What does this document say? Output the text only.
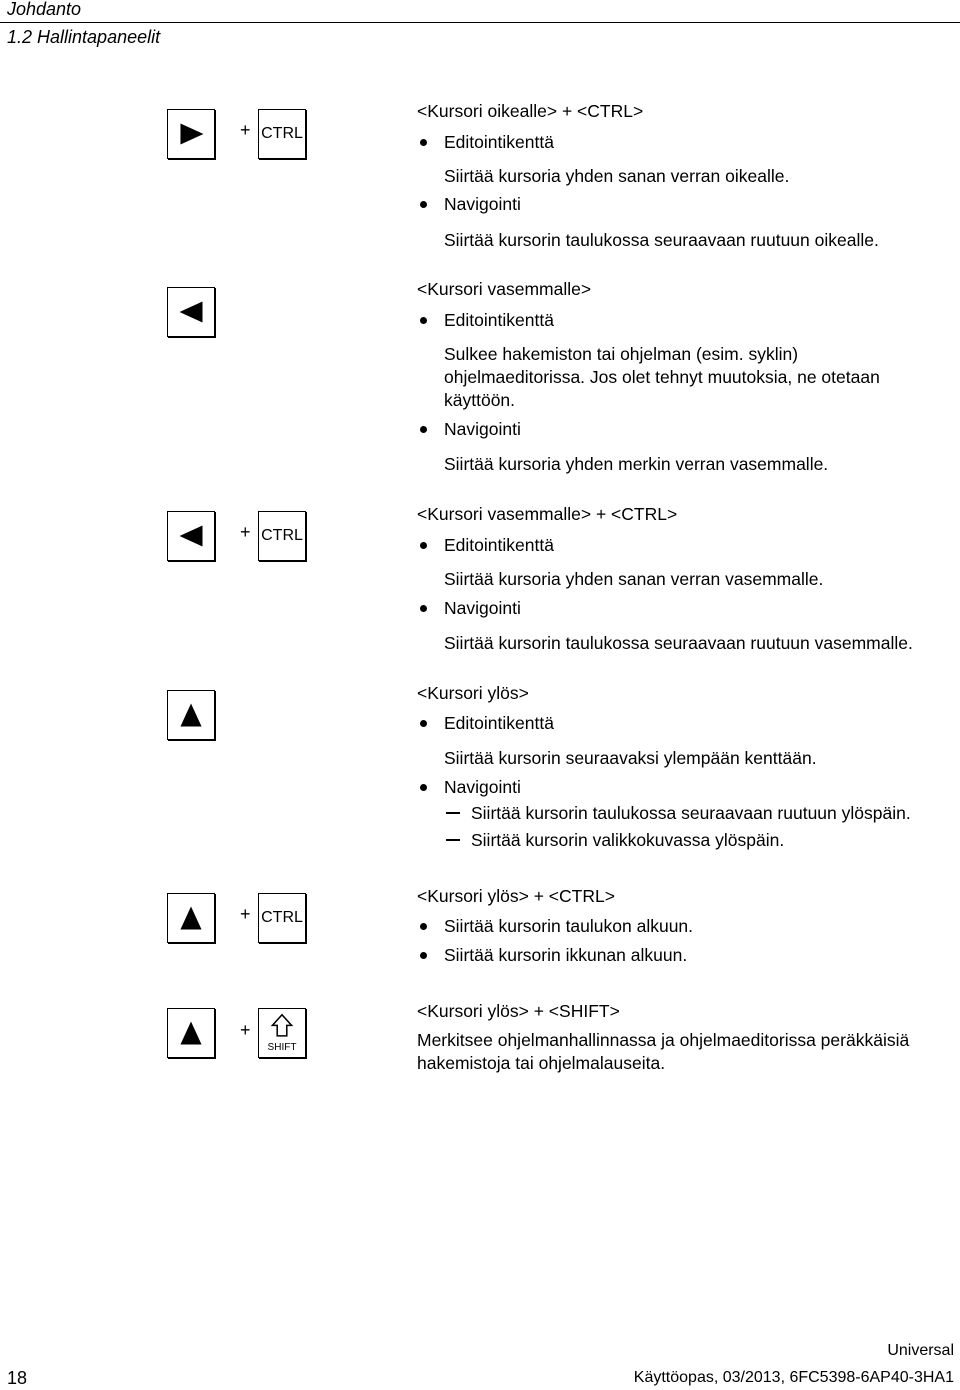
Johdanto
1.2 Hallintapaneelit
+ CTRL
<Kursori oikealle> + <CTRL>
Editointikenttä
Siirtää kursoria yhden sanan verran oikealle.
Navigointi
Siirtää kursorin taulukossa seuraavaan ruutuun oikealle.
<Kursori vasemmalle>
Editointikenttä
Sulkee hakemiston tai ohjelman (esim. syklin)
ohjelmaeditorissa. Jos olet tehnyt muutoksia, ne otetaan
käyttöön.
Navigointi
Siirtää kursoria yhden merkin verran vasemmalle.
+ CTRL
<Kursori vasemmalle> + <CTRL>
Editointikenttä
Siirtää kursoria yhden sanan verran vasemmalle.
Navigointi
Siirtää kursorin taulukossa seuraavaan ruutuun vasemmalle.
<Kursori ylös>
Editointikenttä
Siirtää kursorin seuraavaksi ylempään kenttään.
Navigointi
Siirtää kursorin taulukossa seuraavaan ruutuun ylöspäin.
Siirtää kursorin valikkokuvassa ylöspäin.
+ CTRL
<Kursori ylös> + <CTRL>
Siirtää kursorin taulukon alkuun.
Siirtää kursorin ikkunan alkuun.
+
SHIFT
<Kursori ylös> + <SHIFT>
Merkitsee ohjelmanhallinnassa ja ohjelmaeditorissa peräkkäisiä
hakemistoja tai ohjelmalauseita.
Universal
18	Käyttöopas, 03/2013, 6FC5398-6AP40-3HA1
